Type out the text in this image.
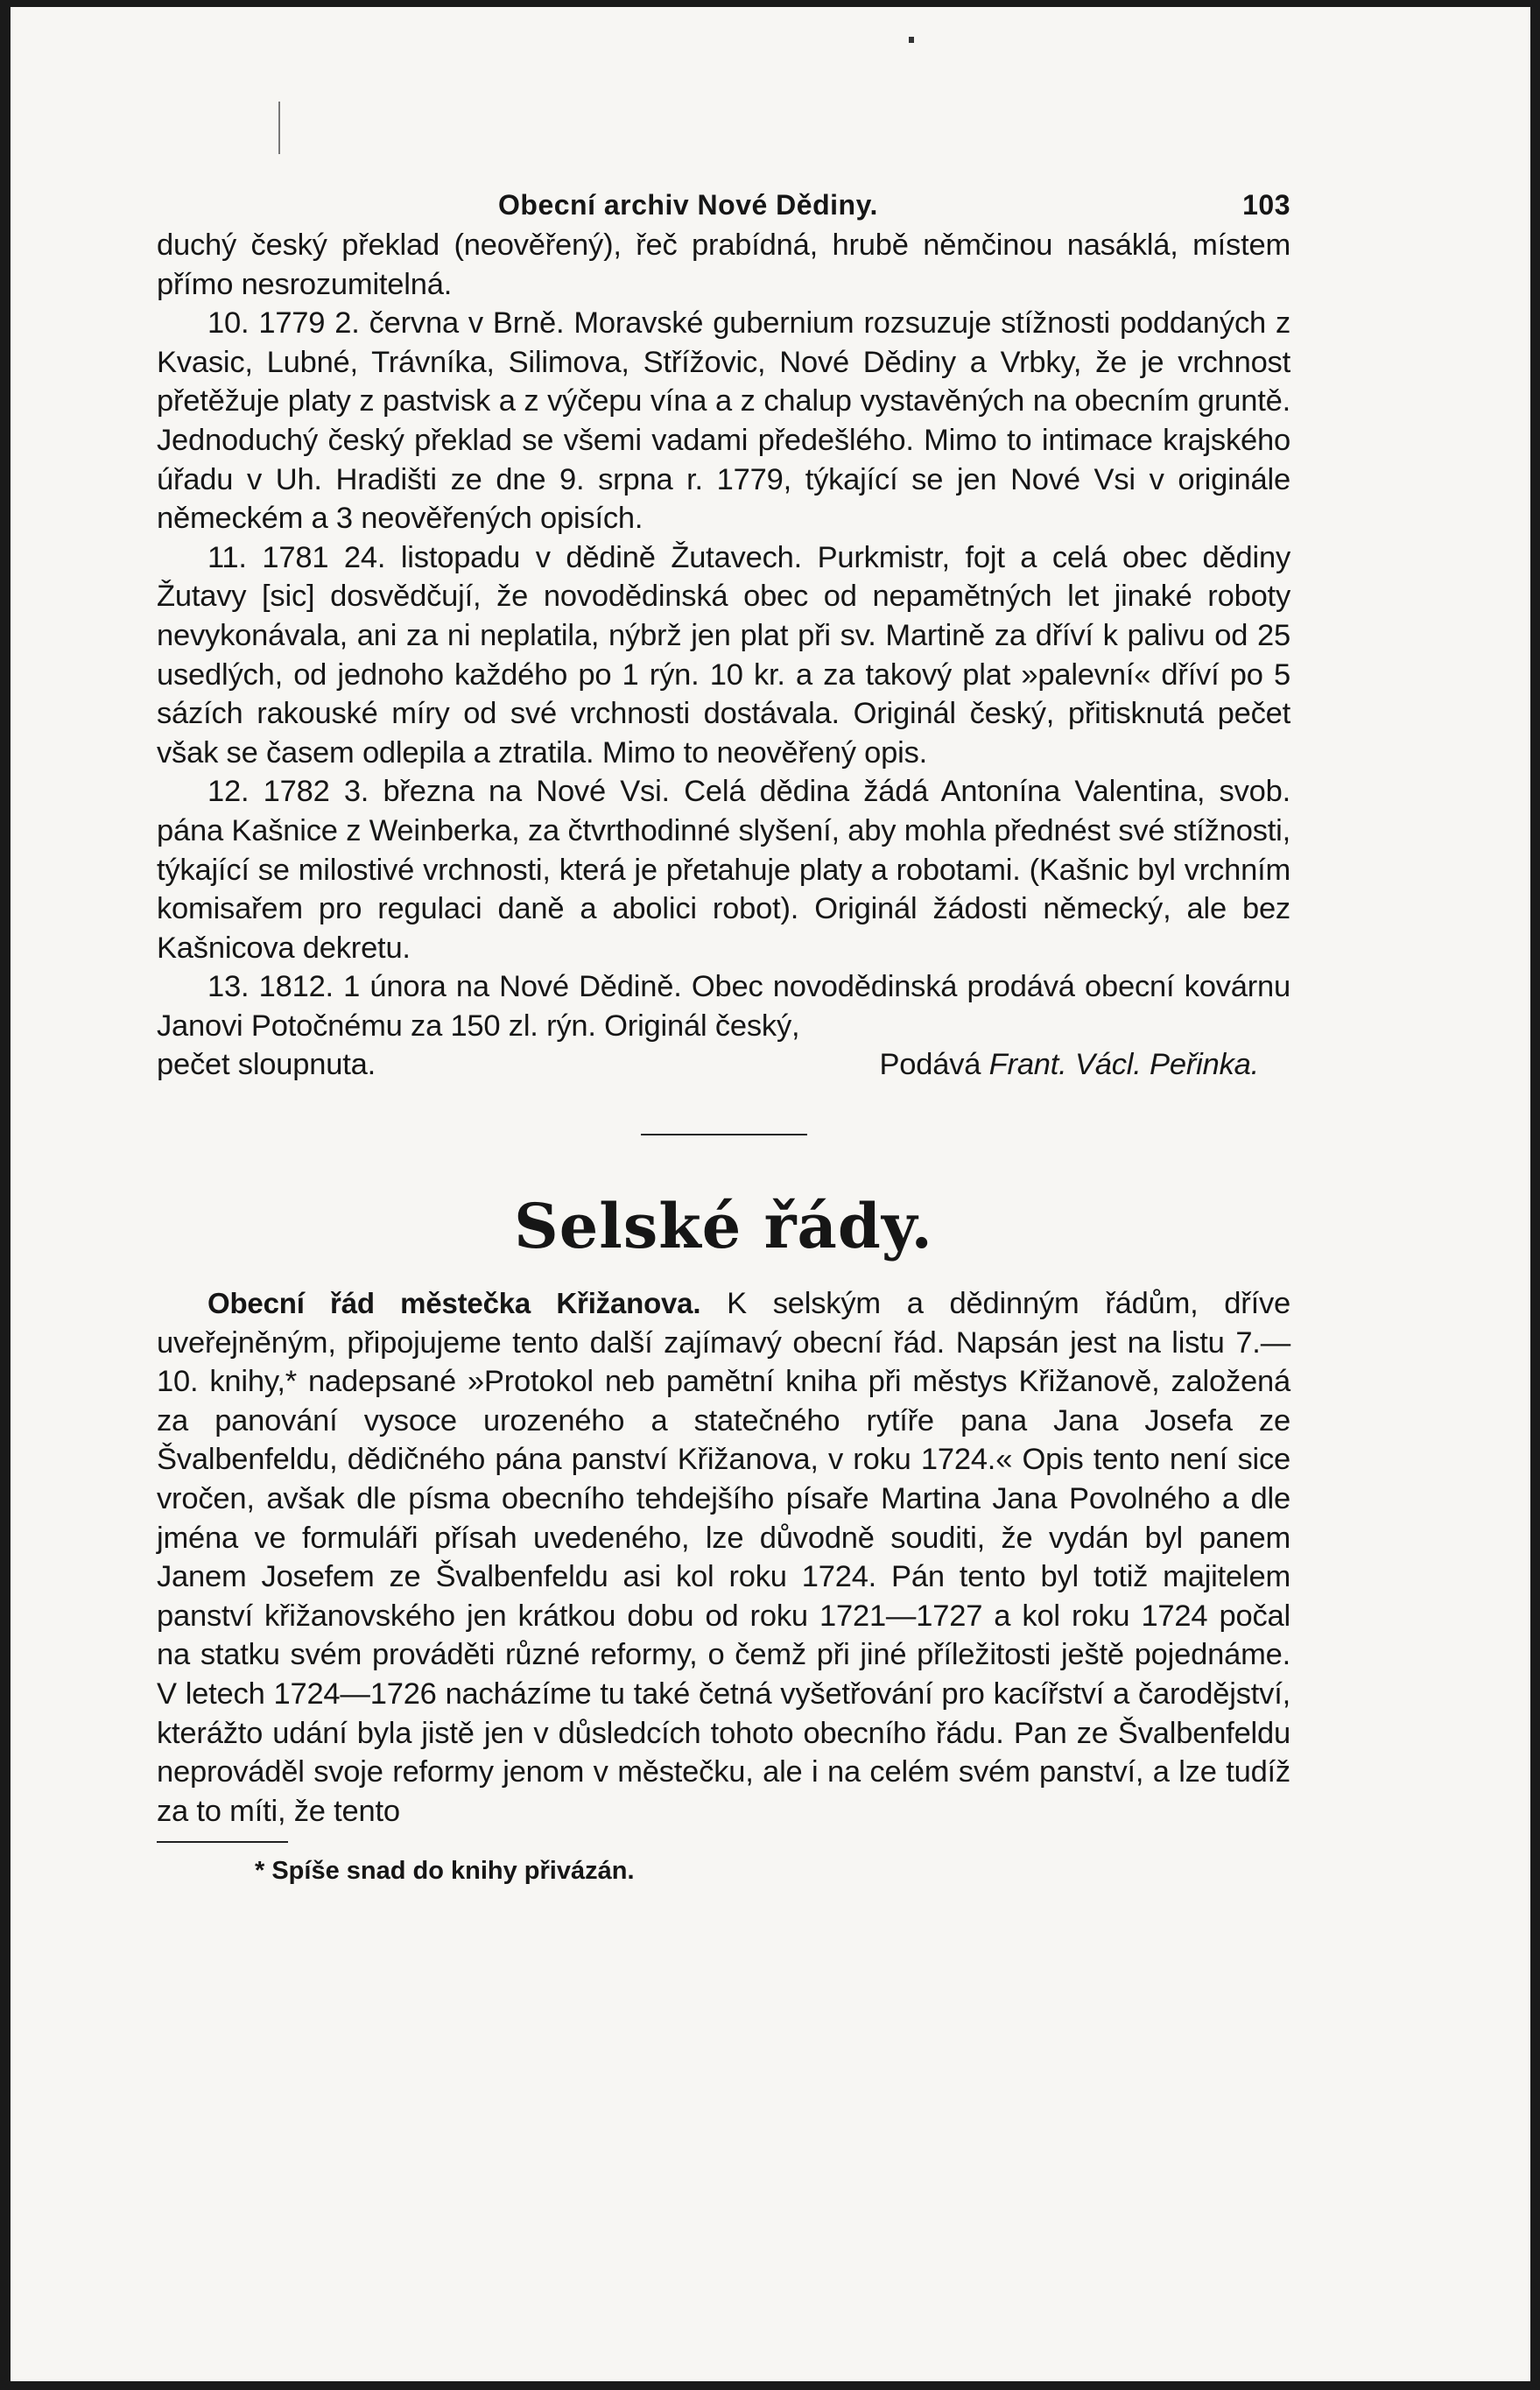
Obecní archiv Nové Dědiny.	103

duchý český překlad (neověřený), řeč prabídná, hrubě němčinou nasáklá, místem přímo nesrozumitelná.

10. 1779 2. června v Brně. Moravské gubernium rozsuzuje stížnosti poddaných z Kvasic, Lubné, Trávníka, Silimova, Střížovic, Nové Dědiny a Vrbky, že je vrchnost přetěžuje platy z pastvisk a z výčepu vína a z chalup vystavěných na obecním gruntě. Jednoduchý český překlad se všemi vadami předešlého. Mimo to intimace krajského úřadu v Uh. Hradišti ze dne 9. srpna r. 1779, týkající se jen Nové Vsi v originále německém a 3 neověřených opisích.

11. 1781 24. listopadu v dědině Žutavech. Purkmistr, fojt a celá obec dědiny Žutavy [sic] dosvědčují, že novodědinská obec od nepamětných let jinaké roboty nevykonávala, ani za ni neplatila, nýbrž jen plat při sv. Martině za dříví k palivu od 25 usedlých, od jednoho každého po 1 rýn. 10 kr. a za takový plat »palevní« dříví po 5 sázích rakouské míry od své vrchnosti dostávala. Originál český, přitisknutá pečet však se časem odlepila a ztratila. Mimo to neověřený opis.

12. 1782 3. března na Nové Vsi. Celá dědina žádá Antonína Valentina, svob. pána Kašnice z Weinberka, za čtvrthodinné slyšení, aby mohla přednést své stížnosti, týkající se milostivé vrchnosti, která je přetahuje platy a robotami. (Kašnic byl vrchním komisařem pro regulaci daně a abolici robot). Originál žádosti německý, ale bez Kašnicova dekretu.

13. 1812. 1 února na Nové Dědině. Obec novodědinská prodává obecní kovárnu Janovi Potočnému za 150 zl. rýn. Originál český,

pečet sloupnuta.	Podává Frant. Václ. Peřinka.
Selské řády.

Obecní řád městečka Křižanova. K selským a dědinným řádům, dříve uveřejněným, připojujeme tento další zajímavý obecní řád. Napsán jest na listu 7.—10. knihy,* nadepsané »Protokol neb pamětní kniha při městys Křižanově, založená za panování vysoce urozeného a statečného rytíře pana Jana Josefa ze Švalbenfeldu, dědičného pána panství Křižanova, v roku 1724.« Opis tento není sice vročen, avšak dle písma obecního tehdejšího písaře Martina Jana Povolného a dle jména ve formuláři přísah uvedeného, lze důvodně souditi, že vydán byl panem Janem Josefem ze Švalbenfeldu asi kol roku 1724. Pán tento byl totiž majitelem panství křižanovského jen krátkou dobu od roku 1721—1727 a kol roku 1724 počal na statku svém prováděti různé reformy, o čemž při jiné příležitosti ještě pojednáme. V letech 1724—1726 nacházíme tu také četná vyšetřování pro kacířství a čarodějství, kterážto udání byla jistě jen v důsledcích tohoto obecního řádu. Pan ze Švalbenfeldu neprováděl svoje reformy jenom v městečku, ale i na celém svém panství, a lze tudíž za to míti, že tento

* Spíše snad do knihy přivázán.
